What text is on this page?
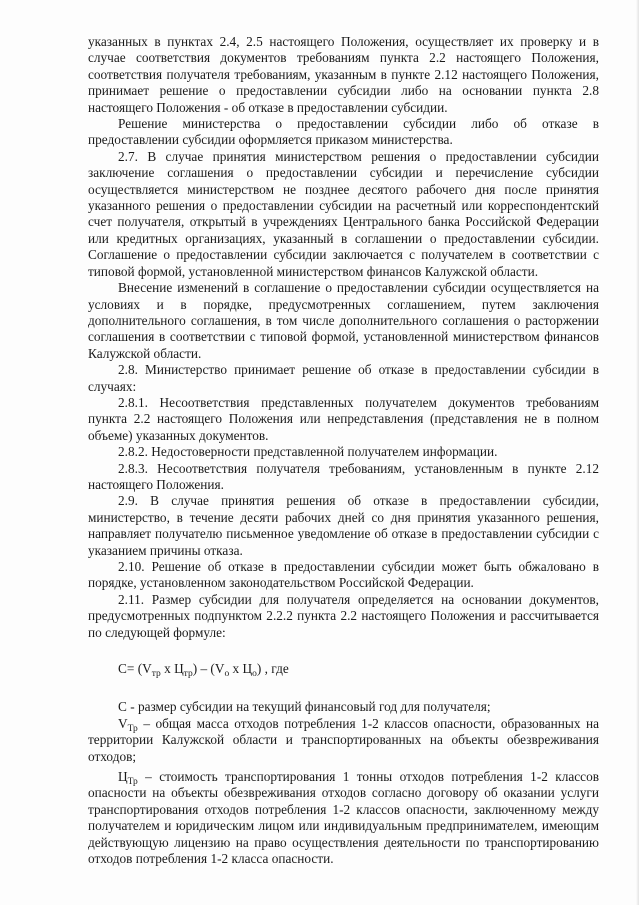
указанных в пунктах 2.4, 2.5 настоящего Положения, осуществляет их проверку и в случае соответствия документов требованиям пункта 2.2 настоящего Положения, соответствия получателя требованиям, указанным в пункте 2.12 настоящего Положения, принимает решение о предоставлении субсидии либо на основании пункта 2.8 настоящего Положения - об отказе в предоставлении субсидии.

Решение министерства о предоставлении субсидии либо об отказе в предоставлении субсидии оформляется приказом министерства.

2.7. В случае принятия министерством решения о предоставлении субсидии заключение соглашения о предоставлении субсидии и перечисление субсидии осуществляется министерством не позднее десятого рабочего дня после принятия указанного решения о предоставлении субсидии на расчетный или корреспондентский счет получателя, открытый в учреждениях Центрального банка Российской Федерации или кредитных организациях, указанный в соглашении о предоставлении субсидии. Соглашение о предоставлении субсидии заключается с получателем в соответствии с типовой формой, установленной министерством финансов Калужской области.

Внесение изменений в соглашение о предоставлении субсидии осуществляется на условиях и в порядке, предусмотренных соглашением, путем заключения дополнительного соглашения, в том числе дополнительного соглашения о расторжении соглашения в соответствии с типовой формой, установленной министерством финансов Калужской области.

2.8. Министерство принимает решение об отказе в предоставлении субсидии в случаях:

2.8.1. Несоответствия представленных получателем документов требованиям пункта 2.2 настоящего Положения или непредставления (представления не в полном объеме) указанных документов.

2.8.2. Недостоверности представленной получателем информации.

2.8.3. Несоответствия получателя требованиям, установленным в пункте 2.12 настоящего Положения.

2.9. В случае принятия решения об отказе в предоставлении субсидии, министерство, в течение десяти рабочих дней со дня принятия указанного решения, направляет получателю письменное уведомление об отказе в предоставлении субсидии с указанием причины отказа.

2.10. Решение об отказе в предоставлении субсидии может быть обжаловано в порядке, установленном законодательством Российской Федерации.

2.11. Размер субсидии для получателя определяется на основании документов, предусмотренных подпунктом 2.2.2 пункта 2.2 настоящего Положения и рассчитывается по следующей формуле:

$C= (V_{тр}$ x $Ц_{тр}) - (V_о$ x $Ц_о$) , где

С - размер субсидии на текущий финансовый год для получателя;

$V_{Тр}$ – общая масса отходов потребления 1-2 классов опасности, образованных на территории Калужской области и транспортированных на объекты обезвреживания отходов;

$Ц_{Тр}$ – стоимость транспортирования 1 тонны отходов потребления 1-2 классов опасности на объекты обезвреживания отходов согласно договору об оказании услуги транспортирования отходов потребления 1-2 классов опасности, заключенному между получателем и юридическим лицом или индивидуальным предпринимателем, имеющим действующую лицензию на право осуществления деятельности по транспортированию отходов потребления 1-2 класса опасности.
